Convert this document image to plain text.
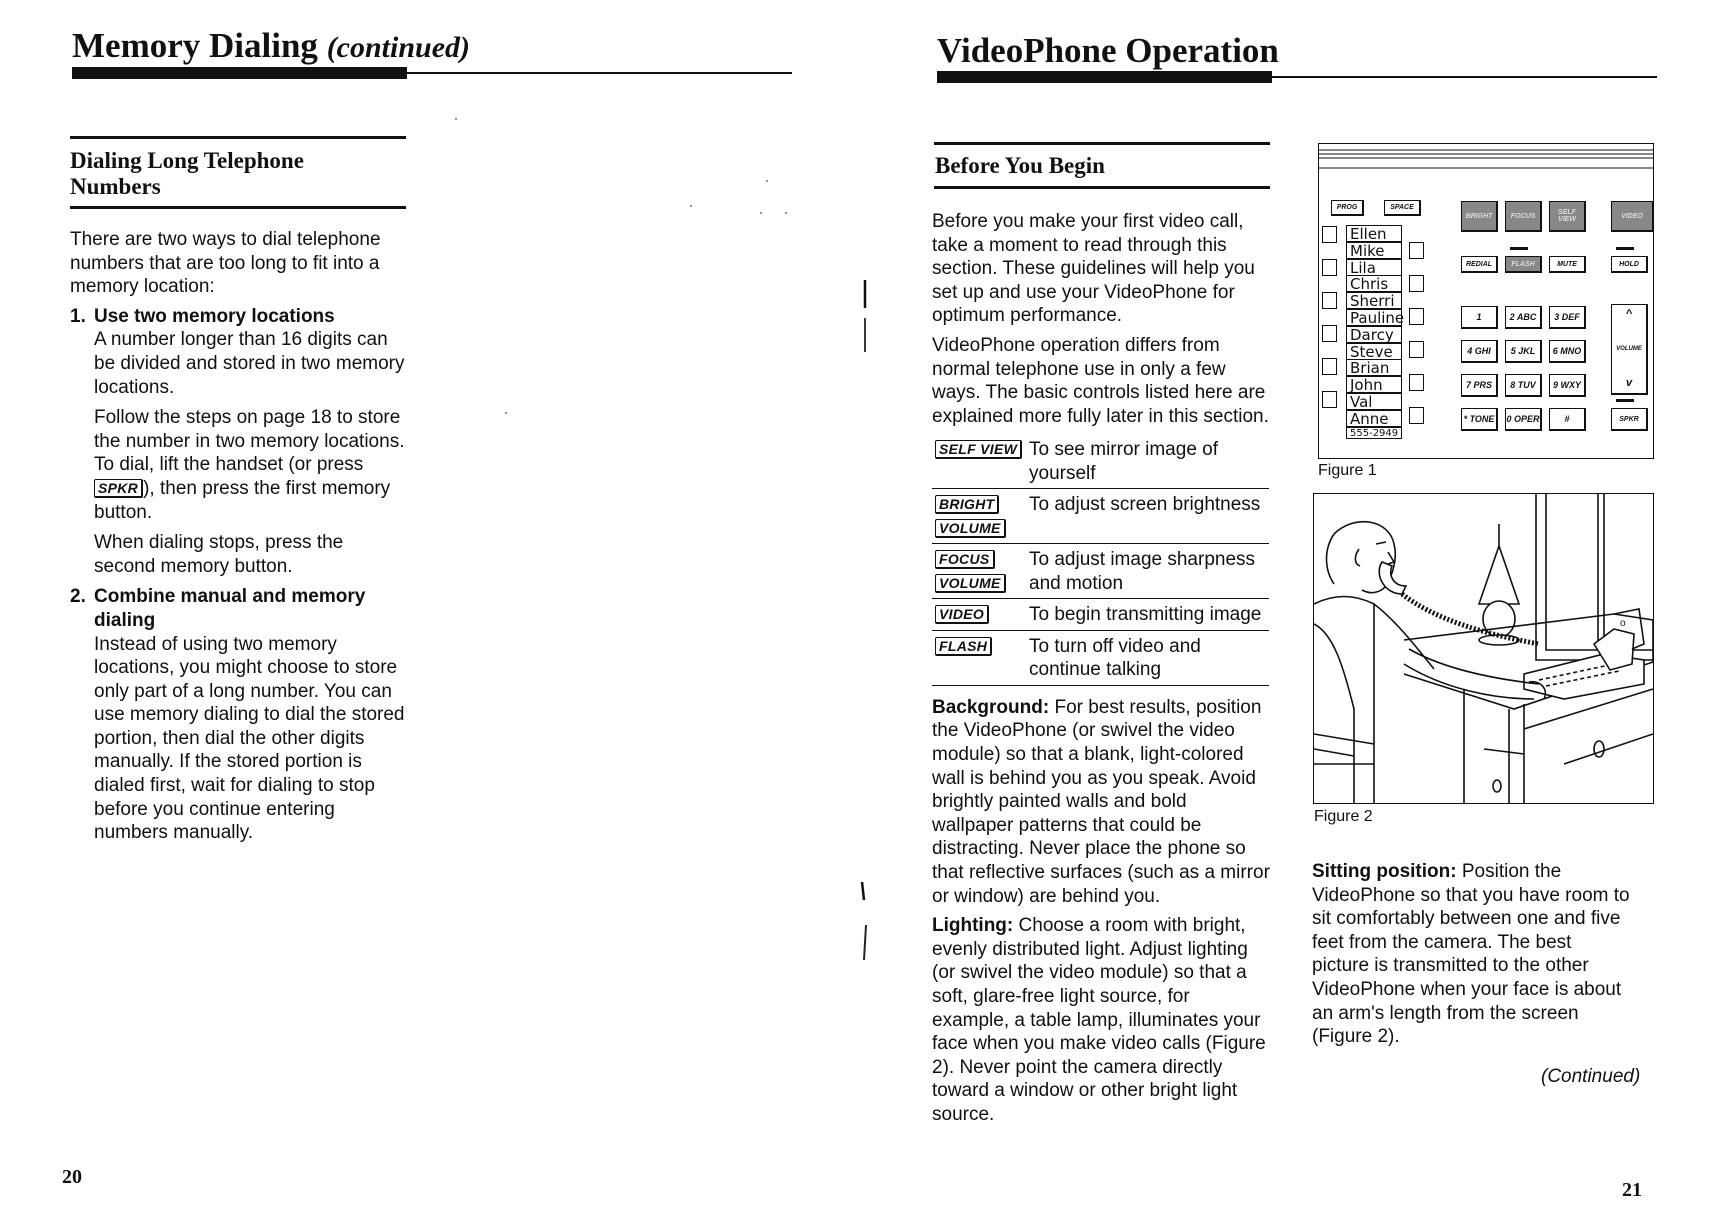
Memory Dialing (continued)
Dialing Long Telephone Numbers

There are two ways to dial telephone numbers that are too long to fit into a memory location:

1. Use two memory locations

A number longer than 16 digits can be divided and stored in two memory locations.

Follow the steps on page 18 to store the number in two memory locations. To dial, lift the handset (or press SPKR ), then press the first memory button.

When dialing stops, press the second memory button.

2. Combine manual and memory dialing

Instead of using two memory locations, you might choose to store only part of a long number. You can use memory dialing to dial the stored portion, then dial the other digits manually. If the stored portion is dialed first, wait for dialing to stop before you continue entering numbers manually.

20
VideoPhone Operation
Before You Begin

Before you make your first video call, take a moment to read through this section. These guidelines will help you set up and use your VideoPhone for optimum performance.

VideoPhone operation differs from normal telephone use in only a few ways. The basic controls listed here are explained more fully later in this section.

SELF VIEW	To see mirror image of yourself
BRIGHT
VOLUME	To adjust screen brightness
FOCUS
VOLUME	To adjust image sharpness and motion
VIDEO	To begin transmitting image
FLASH	To turn off video and continue talking

Background: For best results, position the VideoPhone (or swivel the video module) so that a blank, light-colored wall is behind you as you speak. Avoid brightly painted walls and bold wallpaper patterns that could be distracting. Never place the phone so that reflective surfaces (such as a mirror or window) are behind you.

Lighting: Choose a room with bright, evenly distributed light. Adjust lighting (or swivel the video module) so that a soft, glare-free light source, for example, a table lamp, illuminates your face when you make video calls (Figure 2). Never point the camera directly toward a window or other bright light source.

PROG	SPACE
Ellen
Mike
Lila
Chris
Sherri
Pauline
Darcy
Steve
Brian
John
Val
Anne
555-2949
BRIGHT	FOCUS	SELF VIEW	VIDEO
REDIAL	FLASH	MUTE	HOLD
1	2 ABC	3 DEF
4 GHI	5 JKL	6 MNO
7 PRS	8 TUV	9 WXY
* TONE	0 OPER	#
^
VOLUME
v
SPKR
Figure 1
o
Figure 2
Sitting position: Position the VideoPhone so that you have room to sit comfortably between one and five feet from the camera. The best picture is transmitted to the other VideoPhone when your face is about an arm's length from the screen (Figure 2).
(Continued)
21
